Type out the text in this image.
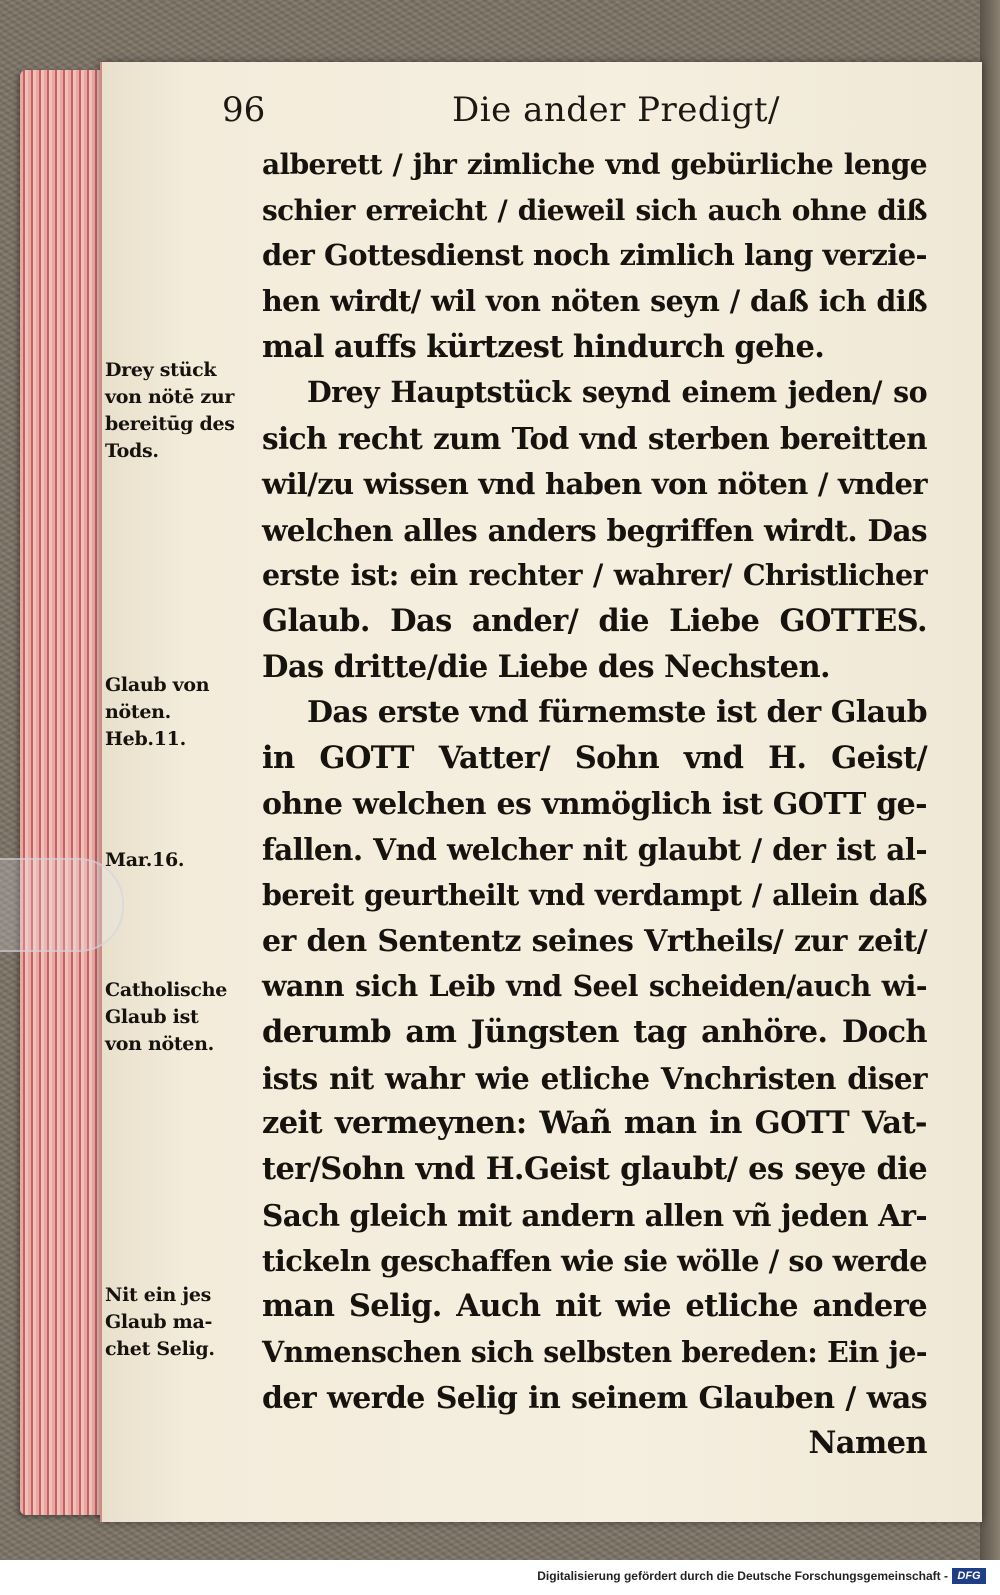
96	Die ander Predigt/
alberett / jhr zimliche vnd gebürliche lenge
schier erreicht / dieweil sich auch ohne diß
der Gottesdienst noch zimlich lang verzie-
hen wirdt/ wil von nöten seyn / daß ich diß
mal auffs kürtzest hindurch gehe.
Drey Hauptstück seynd einem jeden/ so
sich recht zum Tod vnd sterben bereitten
wil/zu wissen vnd haben von nöten / vnder
welchen alles anders begriffen wirdt. Das
erste ist: ein rechter / wahrer/ Christlicher
Glaub. Das ander/ die Liebe GOTTES.
Das dritte/die Liebe des Nechsten.
Das erste vnd fürnemste ist der Glaub
in GOTT Vatter/ Sohn vnd H. Geist/
ohne welchen es vnmöglich ist GOTT ge-
fallen. Vnd welcher nit glaubt / der ist al-
bereit geurtheilt vnd verdampt / allein daß
er den Sententz seines Vrtheils/ zur zeit/
wann sich Leib vnd Seel scheiden/auch wi-
derumb am Jüngsten tag anhöre. Doch
ists nit wahr wie etliche Vnchristen diser
zeit vermeynen: Wañ man in GOTT Vat-
ter/Sohn vnd H.Geist glaubt/ es seye die
Sach gleich mit andern allen vñ jeden Ar-
tickeln geschaffen wie sie wölle / so werde
man Selig. Auch nit wie etliche andere
Vnmenschen sich selbsten bereden: Ein je-
der werde Selig in seinem Glauben / was
Namen
Drey stück
von nötē zur
bereitūg des
Tods.
Glaub von
nöten.
Heb.11.
Mar.16.
Catholische
Glaub ist
von nöten.
Nit ein jes
Glaub ma-
chet Selig.
Digitalisierung gefördert durch die Deutsche Forschungsgemeinschaft - DFG
